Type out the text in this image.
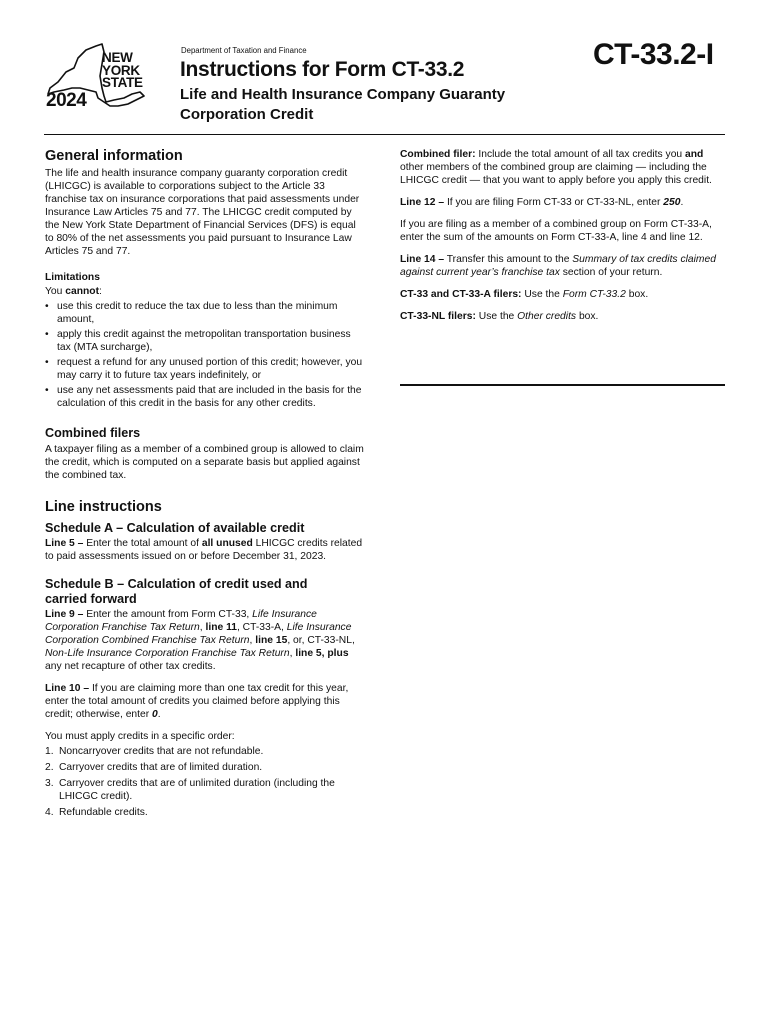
NEW
YORK
STATE
2024
Department of Taxation and Finance
Instructions for Form CT-33.2
Life and Health Insurance Company Guaranty
Corporation Credit
CT-33.2-I
General information

The life and health insurance company guaranty corporation credit (LHICGC) is available to corporations subject to the Article 33 franchise tax on insurance corporations that paid assessments under Insurance Law Articles 75 and 77. The LHICGC credit computed by the New York State Department of Financial Services (DFS) is equal to 80% of the net assessments you paid pursuant to Insurance Law Articles 75 and 77.

Limitations

You cannot:

• use this credit to reduce the tax due to less than the minimum amount,
• apply this credit against the metropolitan transportation business tax (MTA surcharge),
• request a refund for any unused portion of this credit; however, you may carry it to future tax years indefinitely, or
• use any net assessments paid that are included in the basis for the calculation of this credit in the basis for any other credits.
Combined filers

A taxpayer filing as a member of a combined group is allowed to claim the credit, which is computed on a separate basis but applied against the combined tax.

Line instructions
Schedule A – Calculation of available credit

Line 5 – Enter the total amount of all unused LHICGC credits related to paid assessments issued on or before December 31, 2023.

Schedule B – Calculation of credit used and
carried forward

Line 9 – Enter the amount from Form CT-33, Life Insurance Corporation Franchise Tax Return, line 11, CT-33-A, Life Insurance Corporation Combined Franchise Tax Return, line 15, or, CT-33-NL, Non-Life Insurance Corporation Franchise Tax Return, line 5, plus any net recapture of other tax credits.

Line 10 – If you are claiming more than one tax credit for this year, enter the total amount of credits you claimed before applying this credit; otherwise, enter 0.

You must apply credits in a specific order:

1. Noncarryover credits that are not refundable.
2. Carryover credits that are of limited duration.
3. Carryover credits that are of unlimited duration (including the LHICGC credit).
4. Refundable credits.

Combined filer: Include the total amount of all tax credits you and other members of the combined group are claiming — including the LHICGC credit — that you want to apply before you apply this credit.

Line 12 – If you are filing Form CT-33 or CT-33-NL, enter 250.

If you are filing as a member of a combined group on Form CT-33-A, enter the sum of the amounts on Form CT-33-A, line 4 and line 12.

Line 14 – Transfer this amount to the Summary of tax credits claimed against current year’s franchise tax section of your return.

CT-33 and CT-33-A filers: Use the Form CT-33.2 box.

CT-33-NL filers: Use the Other credits box.
